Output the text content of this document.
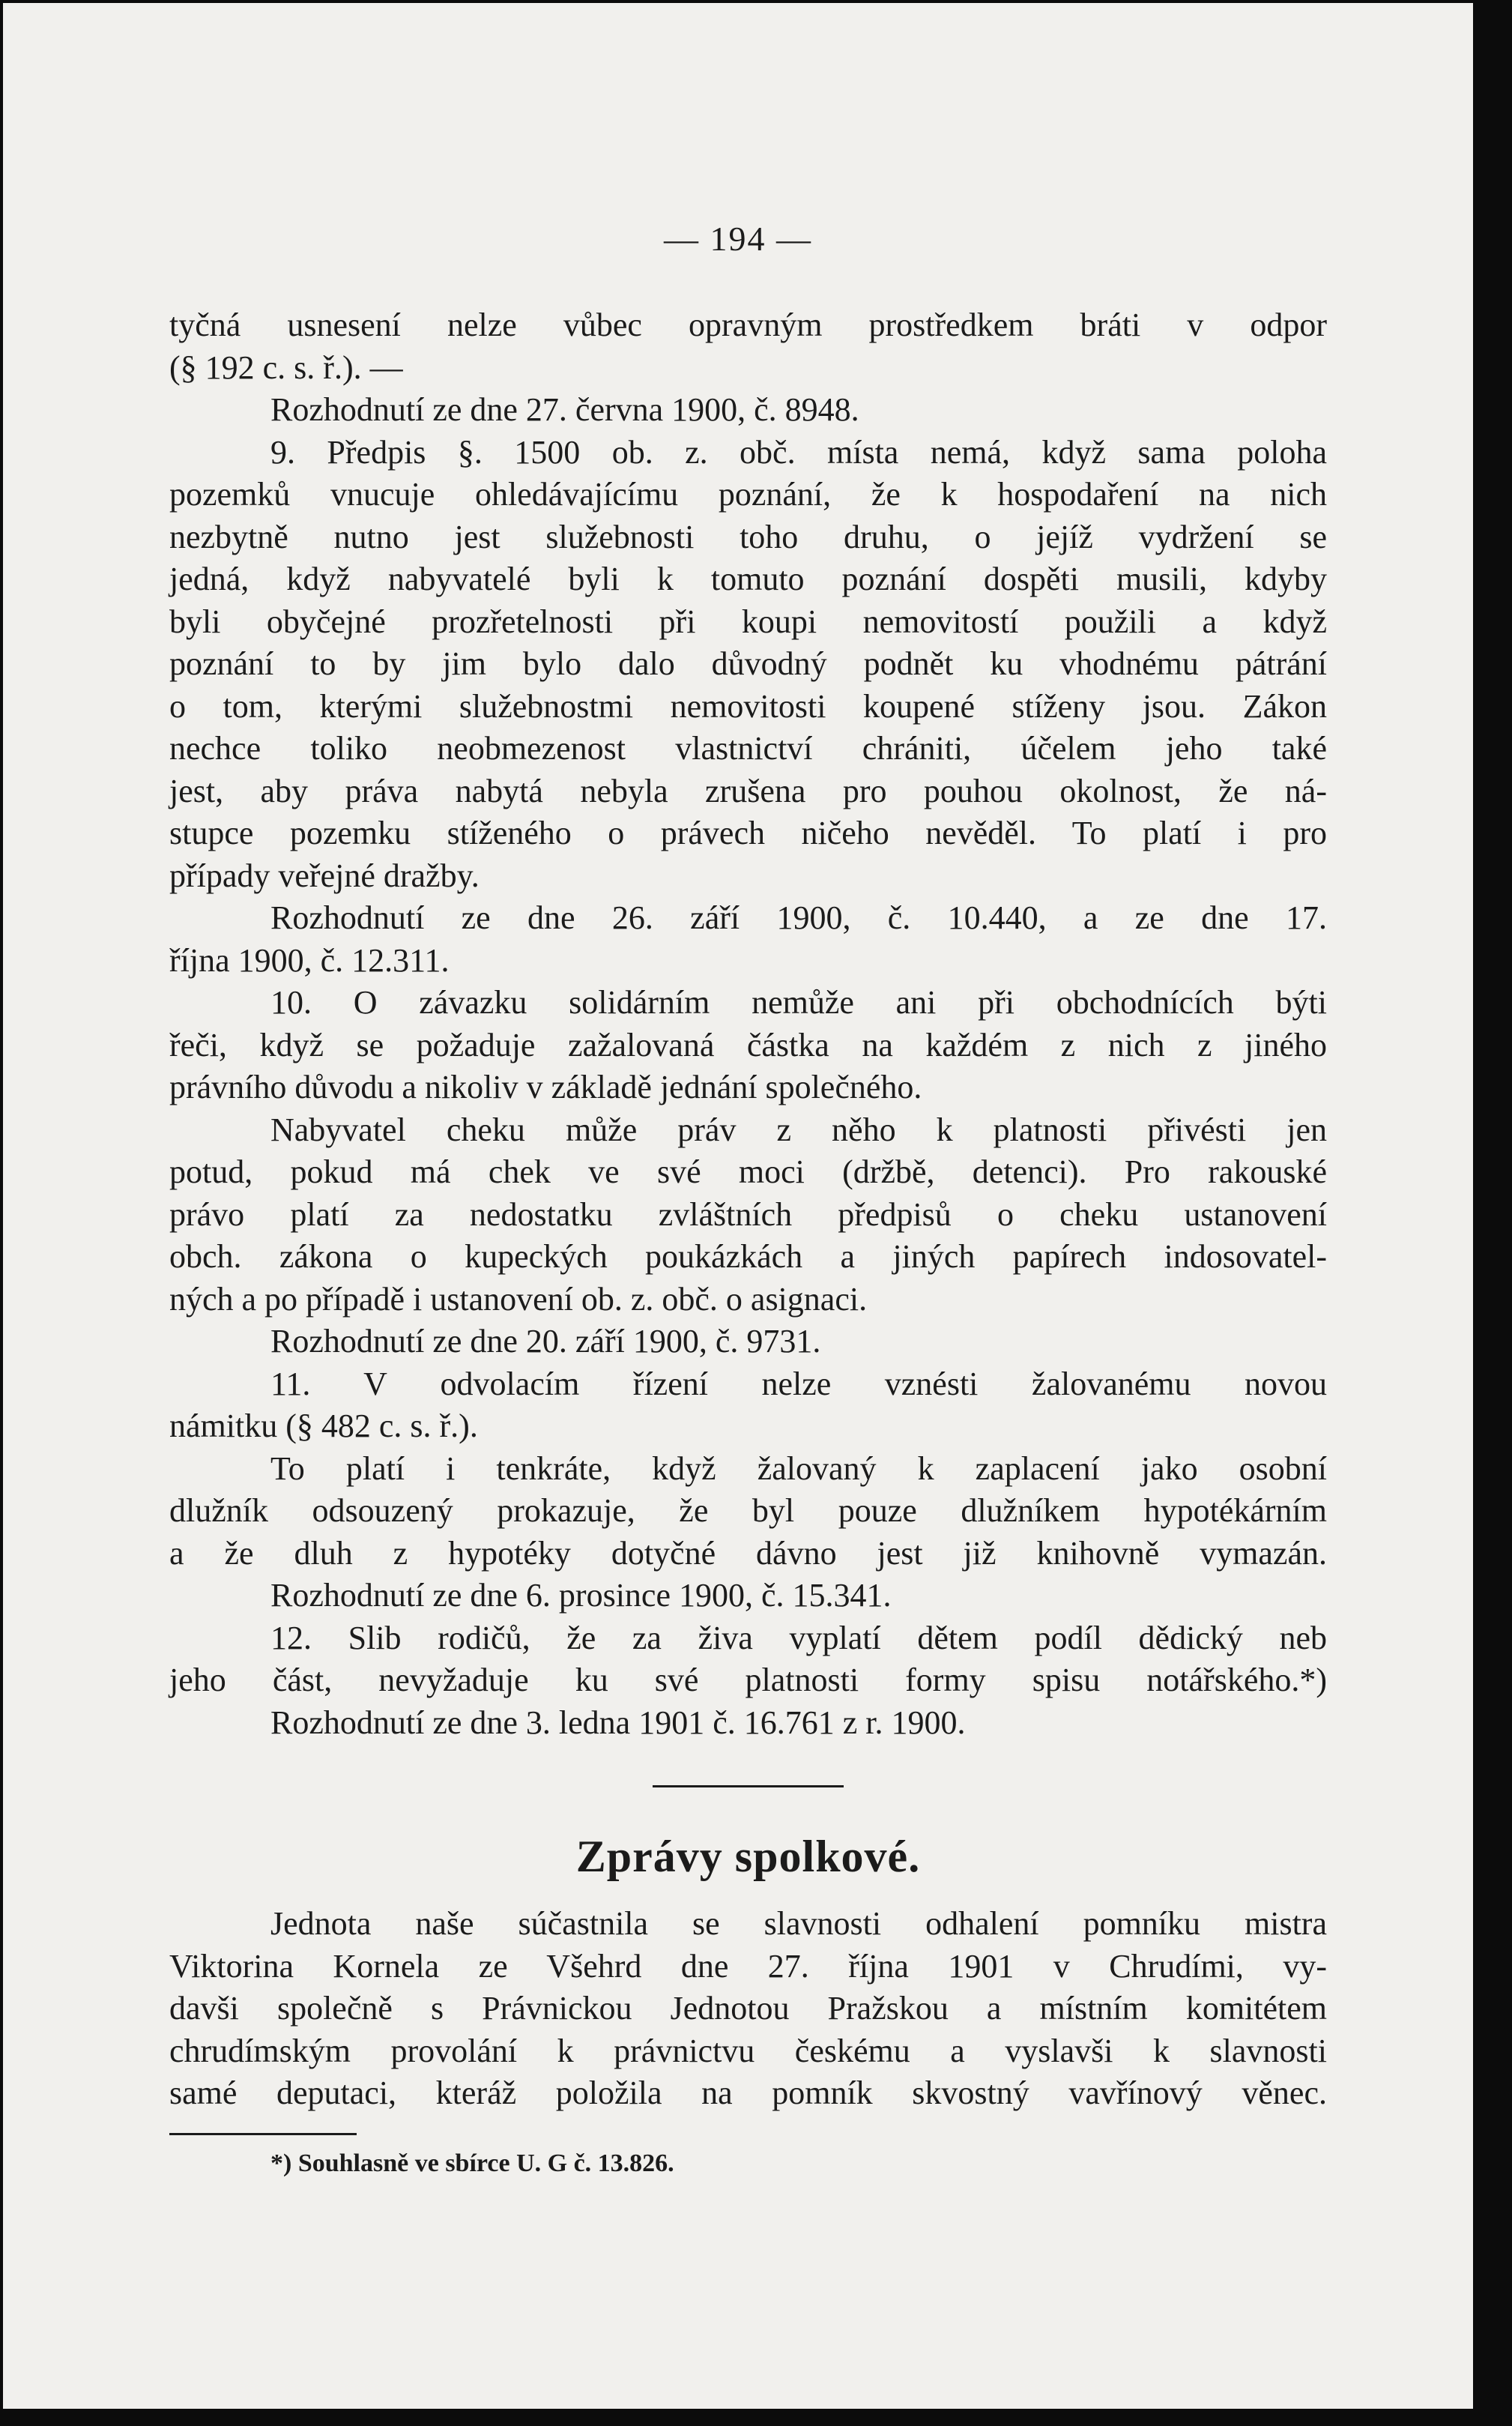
— 194 —
tyčná usnesení nelze vůbec opravným prostředkem bráti v odpor
(§ 192 c. s. ř.). —
Rozhodnutí ze dne 27. června 1900, č. 8948.
9. Předpis §. 1500 ob. z. obč. místa nemá, když sama poloha
pozemků vnucuje ohledávajícímu poznání, že k hospodaření na nich
nezbytně nutno jest služebnosti toho druhu, o jejíž vydržení se
jedná, když nabyvatelé byli k tomuto poznání dospěti musili, kdyby
byli obyčejné prozřetelnosti při koupi nemovitostí použili a když
poznání to by jim bylo dalo důvodný podnět ku vhodnému pátrání
o tom, kterými služebnostmi nemovitosti koupené stíženy jsou. Zákon
nechce toliko neobmezenost vlastnictví chrániti, účelem jeho také
jest, aby práva nabytá nebyla zrušena pro pouhou okolnost, že ná-
stupce pozemku stíženého o právech ničeho nevěděl. To platí i pro
případy veřejné dražby.
Rozhodnutí ze dne 26. září 1900, č. 10.440, a ze dne 17.
října 1900, č. 12.311.
10. O závazku solidárním nemůže ani při obchodnících býti
řeči, když se požaduje zažalovaná částka na každém z nich z jiného
právního důvodu a nikoliv v základě jednání společného.
Nabyvatel cheku může práv z něho k platnosti přivésti jen
potud, pokud má chek ve své moci (držbě, detenci). Pro rakouské
právo platí za nedostatku zvláštních předpisů o cheku ustanovení
obch. zákona o kupeckých poukázkách a jiných papírech indosovatel-
ných a po případě i ustanovení ob. z. obč. o asignaci.
Rozhodnutí ze dne 20. září 1900, č. 9731.
11. V odvolacím řízení nelze vznésti žalovanému novou
námitku (§ 482 c. s. ř.).
To platí i tenkráte, když žalovaný k zaplacení jako osobní
dlužník odsouzený prokazuje, že byl pouze dlužníkem hypotékárním
a že dluh z hypotéky dotyčné dávno jest již knihovně vymazán.
Rozhodnutí ze dne 6. prosince 1900, č. 15.341.
12. Slib rodičů, že za živa vyplatí dětem podíl dědický neb
jeho část, nevyžaduje ku své platnosti formy spisu notářského.*)
Rozhodnutí ze dne 3. ledna 1901 č. 16.761 z r. 1900.
Zprávy spolkové.
Jednota naše súčastnila se slavnosti odhalení pomníku mistra
Viktorina Kornela ze Všehrd dne 27. října 1901 v Chrudími, vy-
davši společně s Právnickou Jednotou Pražskou a místním komitétem
chrudímským provolání k právnictvu českému a vyslavši k slavnosti
samé deputaci, kteráž položila na pomník skvostný vavřínový věnec.
*) Souhlasně ve sbírce U. G č. 13.826.
